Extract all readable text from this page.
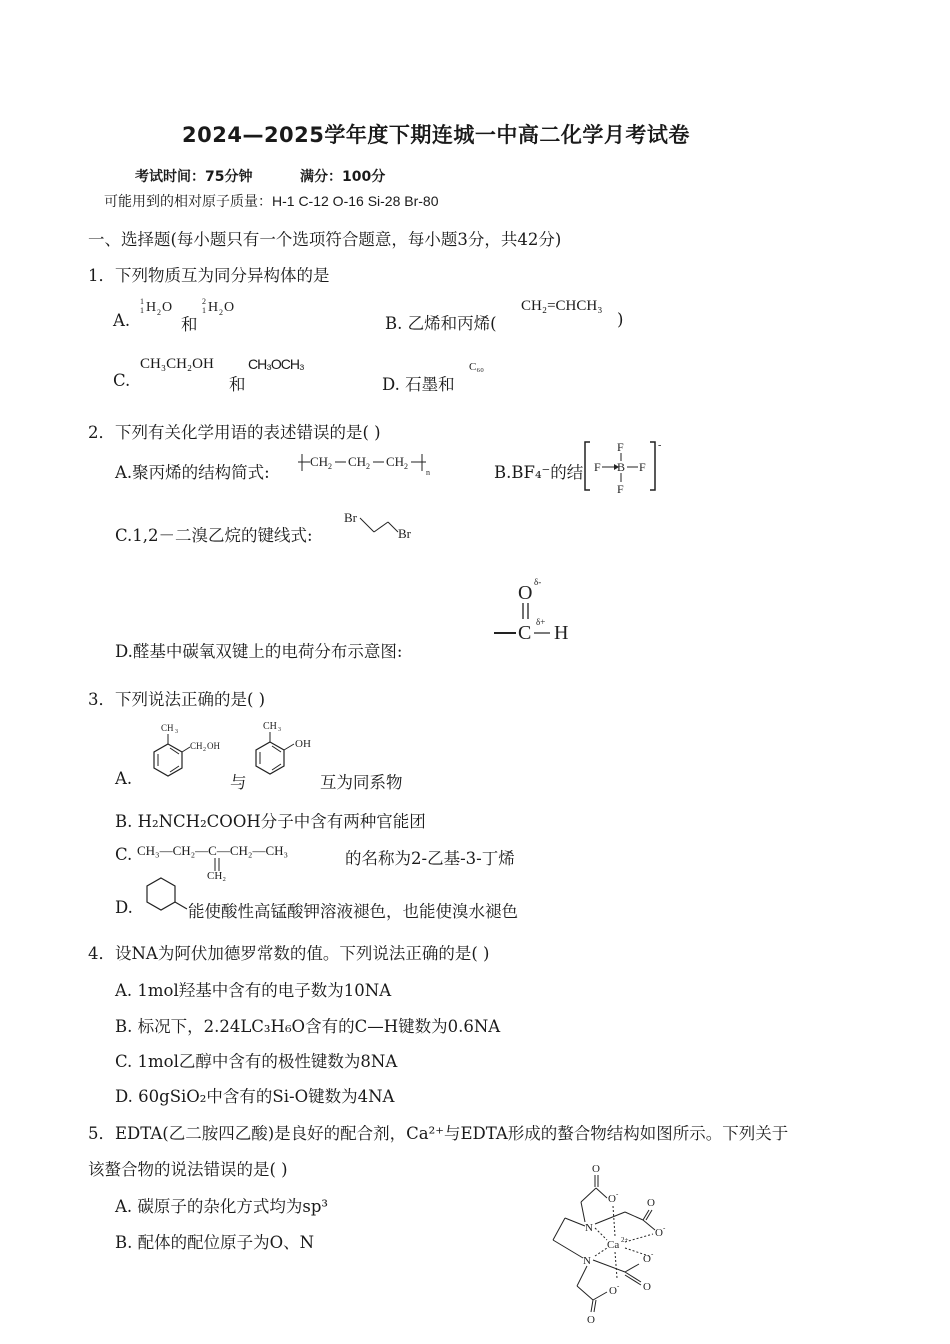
2024—2025学年度下期连城一中高二化学月考试卷
考试时间：75分钟	满分：100分
可能用到的相对原子质量：H-1 C-12 O-16 Si-28 Br-80
一、选择题(每小题只有一个选项符合题意，每小题3分，共42分)
1．下列物质互为同分异构体的是
A.
1
1 H 2 O	2
1 H 2 O
和	B. 乙烯和丙烯(
CH₂=CHCH₃
)
C.
CH₃CH₂OH
和
CH₃OCH₃
D. 石墨和
C₆₀
2．下列有关化学用语的表述错误的是( )
A.聚丙烯的结构简式:
CH 2 CH 2 CH 2
n	B.BF₄⁻的结
-
F
F B F
F
C.1,2－二溴乙烷的键线式:
Br
Br
O δ-
C δ+ H
D.醛基中碳氧双键上的电荷分布示意图:
3．下列说法正确的是( )
A.
CH 3
CH 2 OH
与
CH 3
OH
互为同系物
B. H₂NCH₂COOH分子中含有两种官能团
C. CH₃—CH₂—C—CH₂—CH₃
CH₂
的名称为2-乙基-3-丁烯
D.	能使酸性高锰酸钾溶液褪色，也能使溴水褪色
4．设NA为阿伏加德罗常数的值。下列说法正确的是( )
A. 1mol羟基中含有的电子数为10NA
B. 标况下，2.24LC₃H₆O含有的C—H键数为0.6NA
C. 1mol乙醇中含有的极性键数为8NA
D. 60gSiO₂中含有的Si-O键数为4NA
5．EDTA(乙二胺四乙酸)是良好的配合剂，Ca²⁺与EDTA形成的螯合物结构如图所示。下列关于
该螯合物的说法错误的是( )
A. 碳原子的杂化方式均为sp³
B. 配体的配位原子为O、N
O
O -
N
O
O -
Ca 2+
N	O -
O
O -
O
